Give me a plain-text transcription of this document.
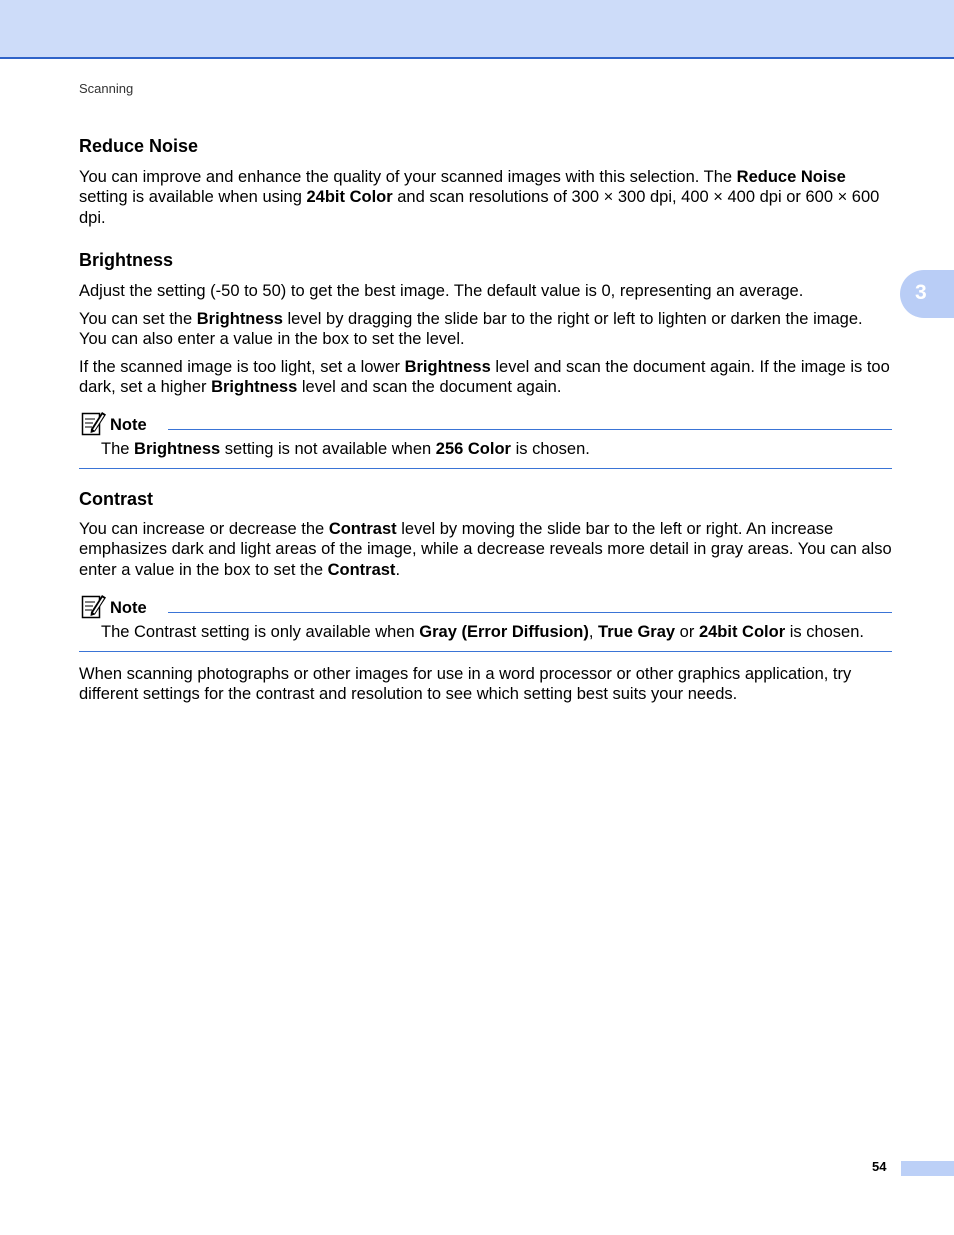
Scanning
3
Reduce Noise

You can improve and enhance the quality of your scanned images with this selection. The Reduce Noise setting is available when using 24bit Color and scan resolutions of 300 × 300 dpi, 400 × 400 dpi or 600 × 600 dpi.

Brightness

Adjust the setting (-50 to 50) to get the best image. The default value is 0, representing an average.

You can set the Brightness level by dragging the slide bar to the right or left to lighten or darken the image. You can also enter a value in the box to set the level.

If the scanned image is too light, set a lower Brightness level and scan the document again. If the image is too dark, set a higher Brightness level and scan the document again.

Note
The Brightness setting is not available when 256 Color is chosen.
Contrast

You can increase or decrease the Contrast level by moving the slide bar to the left or right. An increase emphasizes dark and light areas of the image, while a decrease reveals more detail in gray areas. You can also enter a value in the box to set the Contrast.

Note
The Contrast setting is only available when Gray (Error Diffusion), True Gray or 24bit Color is chosen.

When scanning photographs or other images for use in a word processor or other graphics application, try different settings for the contrast and resolution to see which setting best suits your needs.

54
